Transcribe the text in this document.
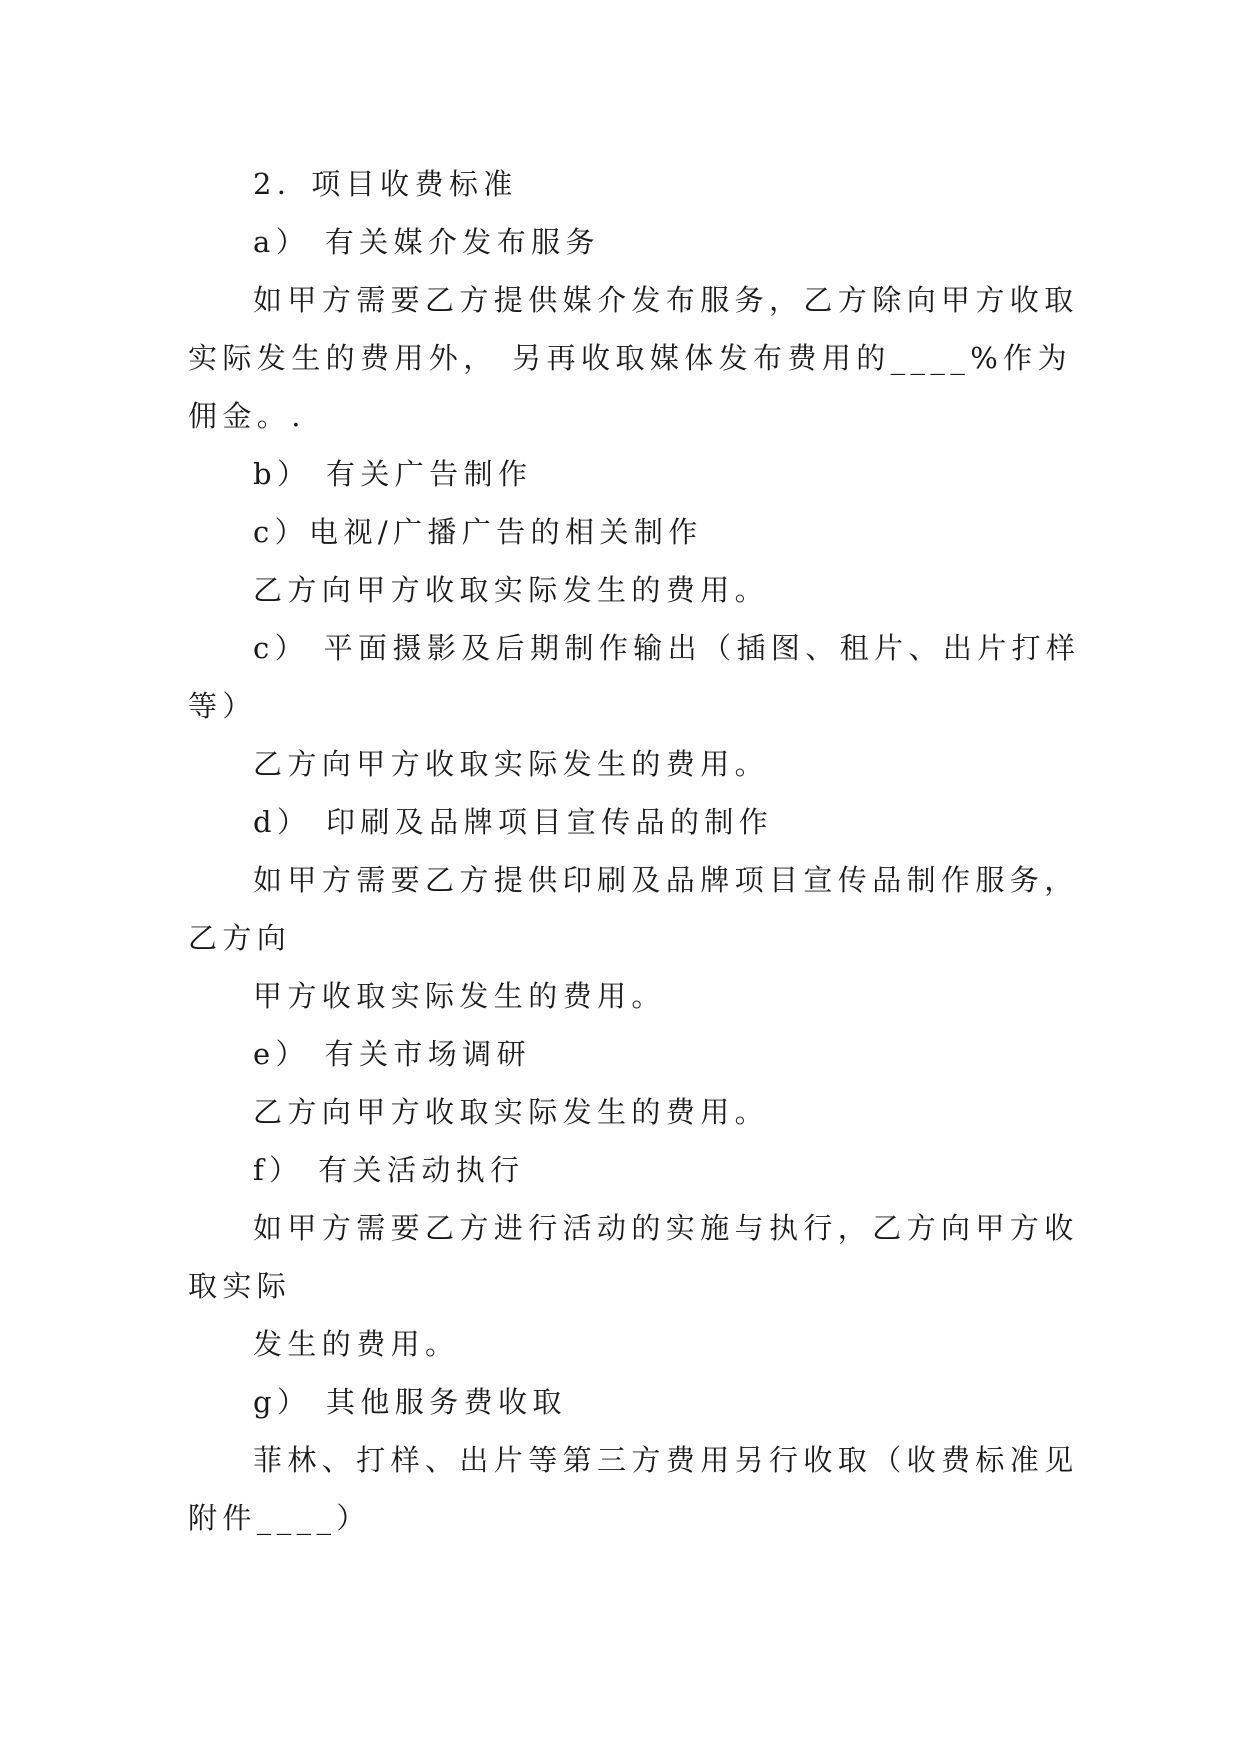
2．项目收费标准
a） 有关媒介发布服务
如甲方需要乙方提供媒介发布服务，乙方除向甲方收取
实际发生的费用外， 另再收取媒体发布费用的____%作为
佣金。.
b） 有关广告制作
c）电视/广播广告的相关制作
乙方向甲方收取实际发生的费用。
c） 平面摄影及后期制作输出（插图、租片、出片打样
等）
乙方向甲方收取实际发生的费用。
d） 印刷及品牌项目宣传品的制作
如甲方需要乙方提供印刷及品牌项目宣传品制作服务，
乙方向
甲方收取实际发生的费用。
e） 有关市场调研
乙方向甲方收取实际发生的费用。
f） 有关活动执行
如甲方需要乙方进行活动的实施与执行，乙方向甲方收
取实际
发生的费用。
g） 其他服务费收取
菲林、打样、出片等第三方费用另行收取（收费标准见
附件____）
